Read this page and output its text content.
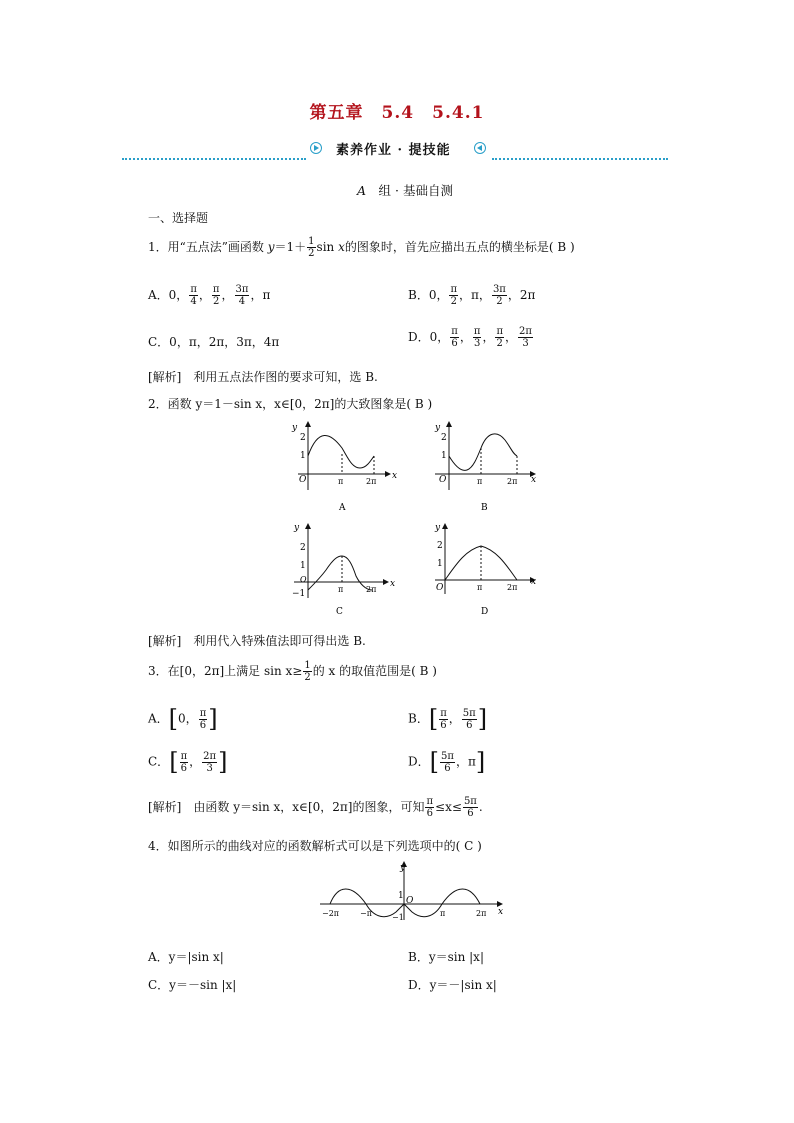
第五章　5.4　5.4.1
素养作业 · 提技能
A　 组 · 基础自测
一、选择题
1．用“五点法”画函数 $y=1+ \frac{1}{2}$ sin x的图象时，首先应描出五点的横坐标是( B )
A．0， $\frac{\pi}{4}$ ， $\frac{\pi}{2}$ ， $\frac{3\pi}{4}$ ，π	B．0， $\frac{\pi}{2}$ ，π， $\frac{3\pi}{2}$ ，2π
C．0，π，2π，3π，4π	D．0， $\frac{\pi}{6}$ ， $\frac{\pi}{3}$ ， $\frac{\pi}{2}$ ， $\frac{2\pi}{3}$
[解析]　 利用五点法作图的要求可知，选 B.
2．函数 y＝1－sin x，x∈[0，2π]的大致图象是( B )
y
x
2
1
O	π	2π
A
y
x
2
1
O	π	2π
B
y
x
2
1
O
−1	π	2π
C
y
x
2
1
O	π	2π
D
[解析]　 利用代入特殊值法即可得出选 B.
3．在[0，2π]上满足 $\sin x\ge \frac{1}{2}$ 的 x 的取值范围是( B )
A．[0， $\frac{\pi}{6}$ ]	B．[ $\frac{\pi}{6}$ ， $\frac{5\pi}{6}$ ]
C．[ $\frac{\pi}{6}$ ， $\frac{2\pi}{3}$ ]	D．[ $\frac{5\pi}{6}$ ，π]
[解析]　 由函数 y＝sin x，x∈[0，2π]的图象，可知 $\frac{\pi}{6} \le x\le \frac{5\pi}{6}$ .
4．如图所示的曲线对应的函数解析式可以是下列选项中的( C )
y
x
O
1
−1
−2π	−π	π	2π
A．y＝|sin x|	B．y＝sin |x|
C．y＝－sin |x|	D．y＝－|sin x|
